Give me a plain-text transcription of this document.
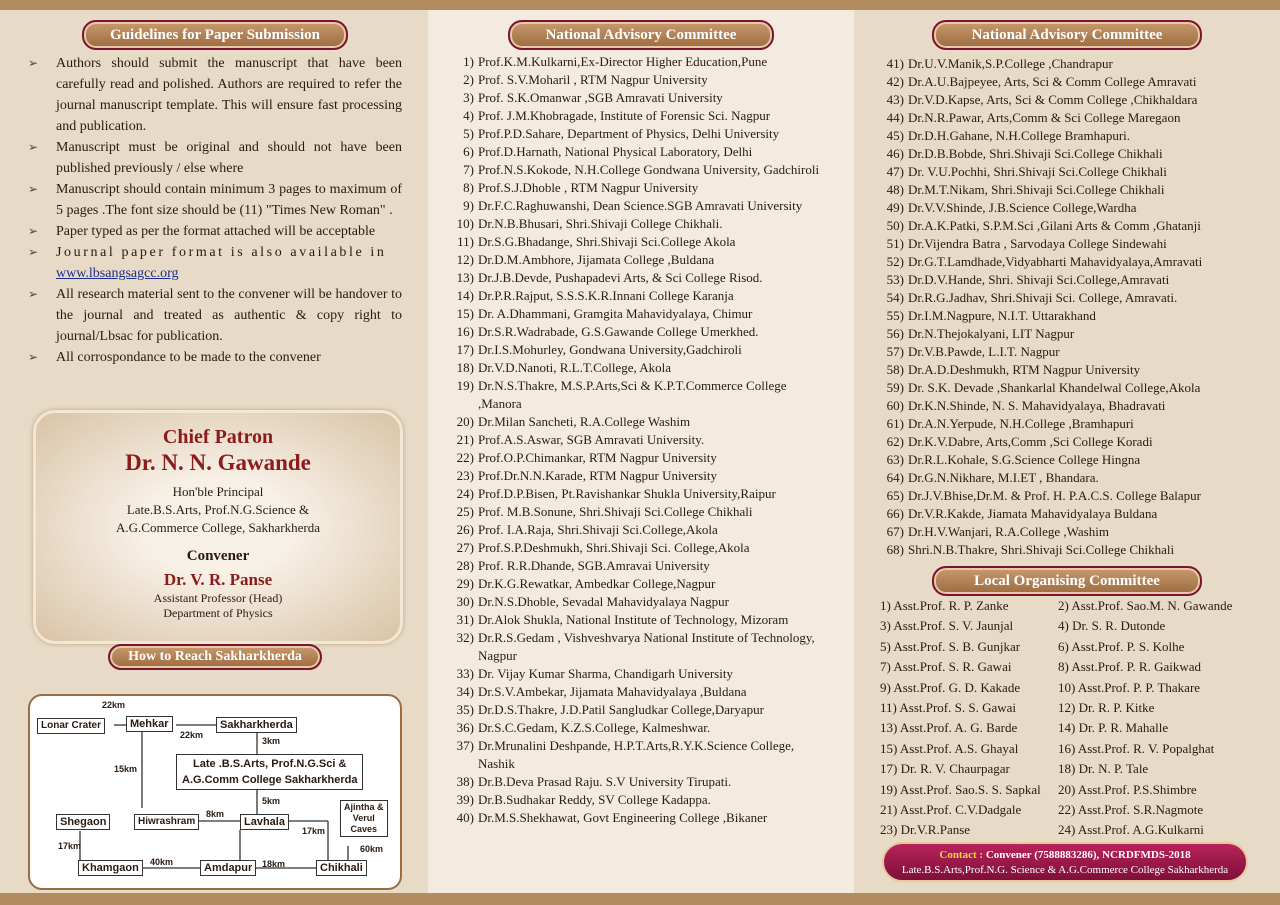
Guidelines for Paper Submission
➢ Authors should submit the manuscript that have been carefully read and polished. Authors are required to refer the journal manuscript template. This will ensure fast processing and publication.
➢ Manuscript must be original and should not have been published previously / else where
➢ Manuscript should contain minimum 3 pages to maximum of 5 pages .The font size should be (11) "Times New Roman" .
➢ Paper typed as per the format attached will be acceptable
➢ Journal paper format is also available in
www.lbsangsagcc.org
➢ All research material sent to the convener will be handover to the journal and treated as authentic & copy right to journal/Lbsac for publication.
➢ All corrospondance to be made to the convener
Chief Patron
Dr. N. N. Gawande
Hon'ble Principal
Late.B.S.Arts, Prof.N.G.Science &
A.G.Commerce College, Sakharkherda
Convener
Dr. V. R. Panse
Assistant Professor (Head)
Department of Physics
How to Reach Sakharkherda
Lonar Crater	Mehkar	Sakharkherda
Late .B.S.Arts, Prof.N.G.Sci &
A.G.Comm College Sakharkherda
Shegaon	Hiwrashram	Lavhala
Ajintha &
Verul
Caves
Khamgaon	Amdapur	Chikhali
22km
22km
3km
15km
8km
5km
17km
17km	60km
40km	18km
National Advisory Committee
1) Prof.K.M.Kulkarni,Ex-Director Higher Education,Pune
2) Prof. S.V.Moharil , RTM Nagpur University
3) Prof. S.K.Omanwar ,SGB Amravati University
4) Prof. J.M.Khobragade, Institute of Forensic Sci. Nagpur
5) Prof.P.D.Sahare, Department of Physics, Delhi University
6) Prof.D.Harnath, National Physical Laboratory, Delhi
7) Prof.N.S.Kokode, N.H.College Gondwana University, Gadchiroli
8) Prof.S.J.Dhoble , RTM Nagpur University
9) Dr.F.C.Raghuwanshi, Dean Science.SGB Amravati University
10) Dr.N.B.Bhusari, Shri.Shivaji College Chikhali.
11) Dr.S.G.Bhadange, Shri.Shivaji Sci.College Akola
12) Dr.D.M.Ambhore, Jijamata College ,Buldana
13) Dr.J.B.Devde, Pushapadevi Arts, & Sci College Risod.
14) Dr.P.R.Rajput, S.S.S.K.R.Innani College Karanja
15) Dr. A.Dhammani, Gramgita Mahavidyalaya, Chimur
16) Dr.S.R.Wadrabade, G.S.Gawande College Umerkhed.
17) Dr.I.S.Mohurley, Gondwana University,Gadchiroli
18) Dr.V.D.Nanoti, R.L.T.College, Akola
19) Dr.N.S.Thakre, M.S.P.Arts,Sci & K.P.T.Commerce College ,Manora
20) Dr.Milan Sancheti, R.A.College Washim
21) Prof.A.S.Aswar, SGB Amravati University.
22) Prof.O.P.Chimankar, RTM Nagpur University
23) Prof.Dr.N.N.Karade, RTM Nagpur University
24) Prof.D.P.Bisen, Pt.Ravishankar Shukla University,Raipur
25) Prof. M.B.Sonune, Shri.Shivaji Sci.College Chikhali
26) Prof. I.A.Raja, Shri.Shivaji Sci.College,Akola
27) Prof.S.P.Deshmukh, Shri.Shivaji Sci. College,Akola
28) Prof. R.R.Dhande, SGB.Amravai University
29) Dr.K.G.Rewatkar, Ambedkar College,Nagpur
30) Dr.N.S.Dhoble, Sevadal Mahavidyalaya Nagpur
31) Dr.Alok Shukla, National Institute of Technology, Mizoram
32) Dr.R.S.Gedam , Vishveshvarya National Institute of Technology, Nagpur
33) Dr. Vijay Kumar Sharma, Chandigarh University
34) Dr.S.V.Ambekar, Jijamata Mahavidyalaya ,Buldana
35) Dr.D.S.Thakre, J.D.Patil Sangludkar College,Daryapur
36) Dr.S.C.Gedam, K.Z.S.College, Kalmeshwar.
37) Dr.Mrunalini Deshpande, H.P.T.Arts,R.Y.K.Science College, Nashik
38) Dr.B.Deva Prasad Raju. S.V University Tirupati.
39) Dr.B.Sudhakar Reddy, SV College Kadappa.
40) Dr.M.S.Shekhawat, Govt Engineering College ,Bikaner
National Advisory Committee
41) Dr.U.V.Manik,S.P.College ,Chandrapur
42) Dr.A.U.Bajpeyee, Arts, Sci & Comm College Amravati
43) Dr.V.D.Kapse, Arts, Sci & Comm College ,Chikhaldara
44) Dr.N.R.Pawar, Arts,Comm & Sci College Maregaon
45) Dr.D.H.Gahane, N.H.College Bramhapuri.
46) Dr.D.B.Bobde, Shri.Shivaji Sci.College Chikhali
47) Dr. V.U.Pochhi, Shri.Shivaji Sci.College Chikhali
48) Dr.M.T.Nikam, Shri.Shivaji Sci.College Chikhali
49) Dr.V.V.Shinde, J.B.Science College,Wardha
50) Dr.A.K.Patki, S.P.M.Sci ,Gilani Arts & Comm ,Ghatanji
51) Dr.Vijendra Batra , Sarvodaya College Sindewahi
52) Dr.G.T.Lamdhade,Vidyabharti Mahavidyalaya,Amravati
53) Dr.D.V.Hande, Shri. Shivaji Sci.College,Amravati
54) Dr.R.G.Jadhav, Shri.Shivaji Sci. College, Amravati.
55) Dr.I.M.Nagpure, N.I.T. Uttarakhand
56) Dr.N.Thejokalyani, LIT Nagpur
57) Dr.V.B.Pawde, L.I.T. Nagpur
58) Dr.A.D.Deshmukh, RTM Nagpur University
59) Dr. S.K. Devade ,Shankarlal Khandelwal College,Akola
60) Dr.K.N.Shinde, N. S. Mahavidyalaya, Bhadravati
61) Dr.A.N.Yerpude, N.H.College ,Bramhapuri
62) Dr.K.V.Dabre, Arts,Comm ,Sci College Koradi
63) Dr.R.L.Kohale, S.G.Science College Hingna
64) Dr.G.N.Nikhare, M.I.ET , Bhandara.
65) Dr.J.V.Bhise,Dr.M. & Prof. H. P.A.C.S. College Balapur
66) Dr.V.R.Kakde, Jiamata Mahavidyalaya Buldana
67) Dr.H.V.Wanjari, R.A.College ,Washim
68) Shri.N.B.Thakre, Shri.Shivaji Sci.College Chikhali
Local Organising Committee
1) Asst.Prof. R. P. Zanke	2) Asst.Prof. Sao.M. N. Gawande
3) Asst.Prof. S. V. Jaunjal	4) Dr. S. R. Dutonde
5) Asst.Prof. S. B. Gunjkar	6) Asst.Prof. P. S. Kolhe
7) Asst.Prof. S. R. Gawai	8) Asst.Prof. P. R. Gaikwad
9) Asst.Prof. G. D. Kakade	10) Asst.Prof. P. P. Thakare
11) Asst.Prof. S. S. Gawai	12) Dr. R. P. Kitke
13) Asst.Prof. A. G. Barde	14) Dr. P. R. Mahalle
15) Asst.Prof. A.S. Ghayal	16) Asst.Prof. R. V. Popalghat
17) Dr. R. V. Chaurpagar	18) Dr. N. P. Tale
19) Asst.Prof. Sao.S. S. Sapkal	20) Asst.Prof. P.S.Shimbre
21) Asst.Prof. C.V.Dadgale	22) Asst.Prof. S.R.Nagmote
23) Dr.V.R.Panse	24) Asst.Prof. A.G.Kulkarni
Contact : Convener (7588883286), NCRDFMDS-2018
Late.B.S.Arts,Prof.N.G. Science & A.G.Commerce College Sakharkherda
